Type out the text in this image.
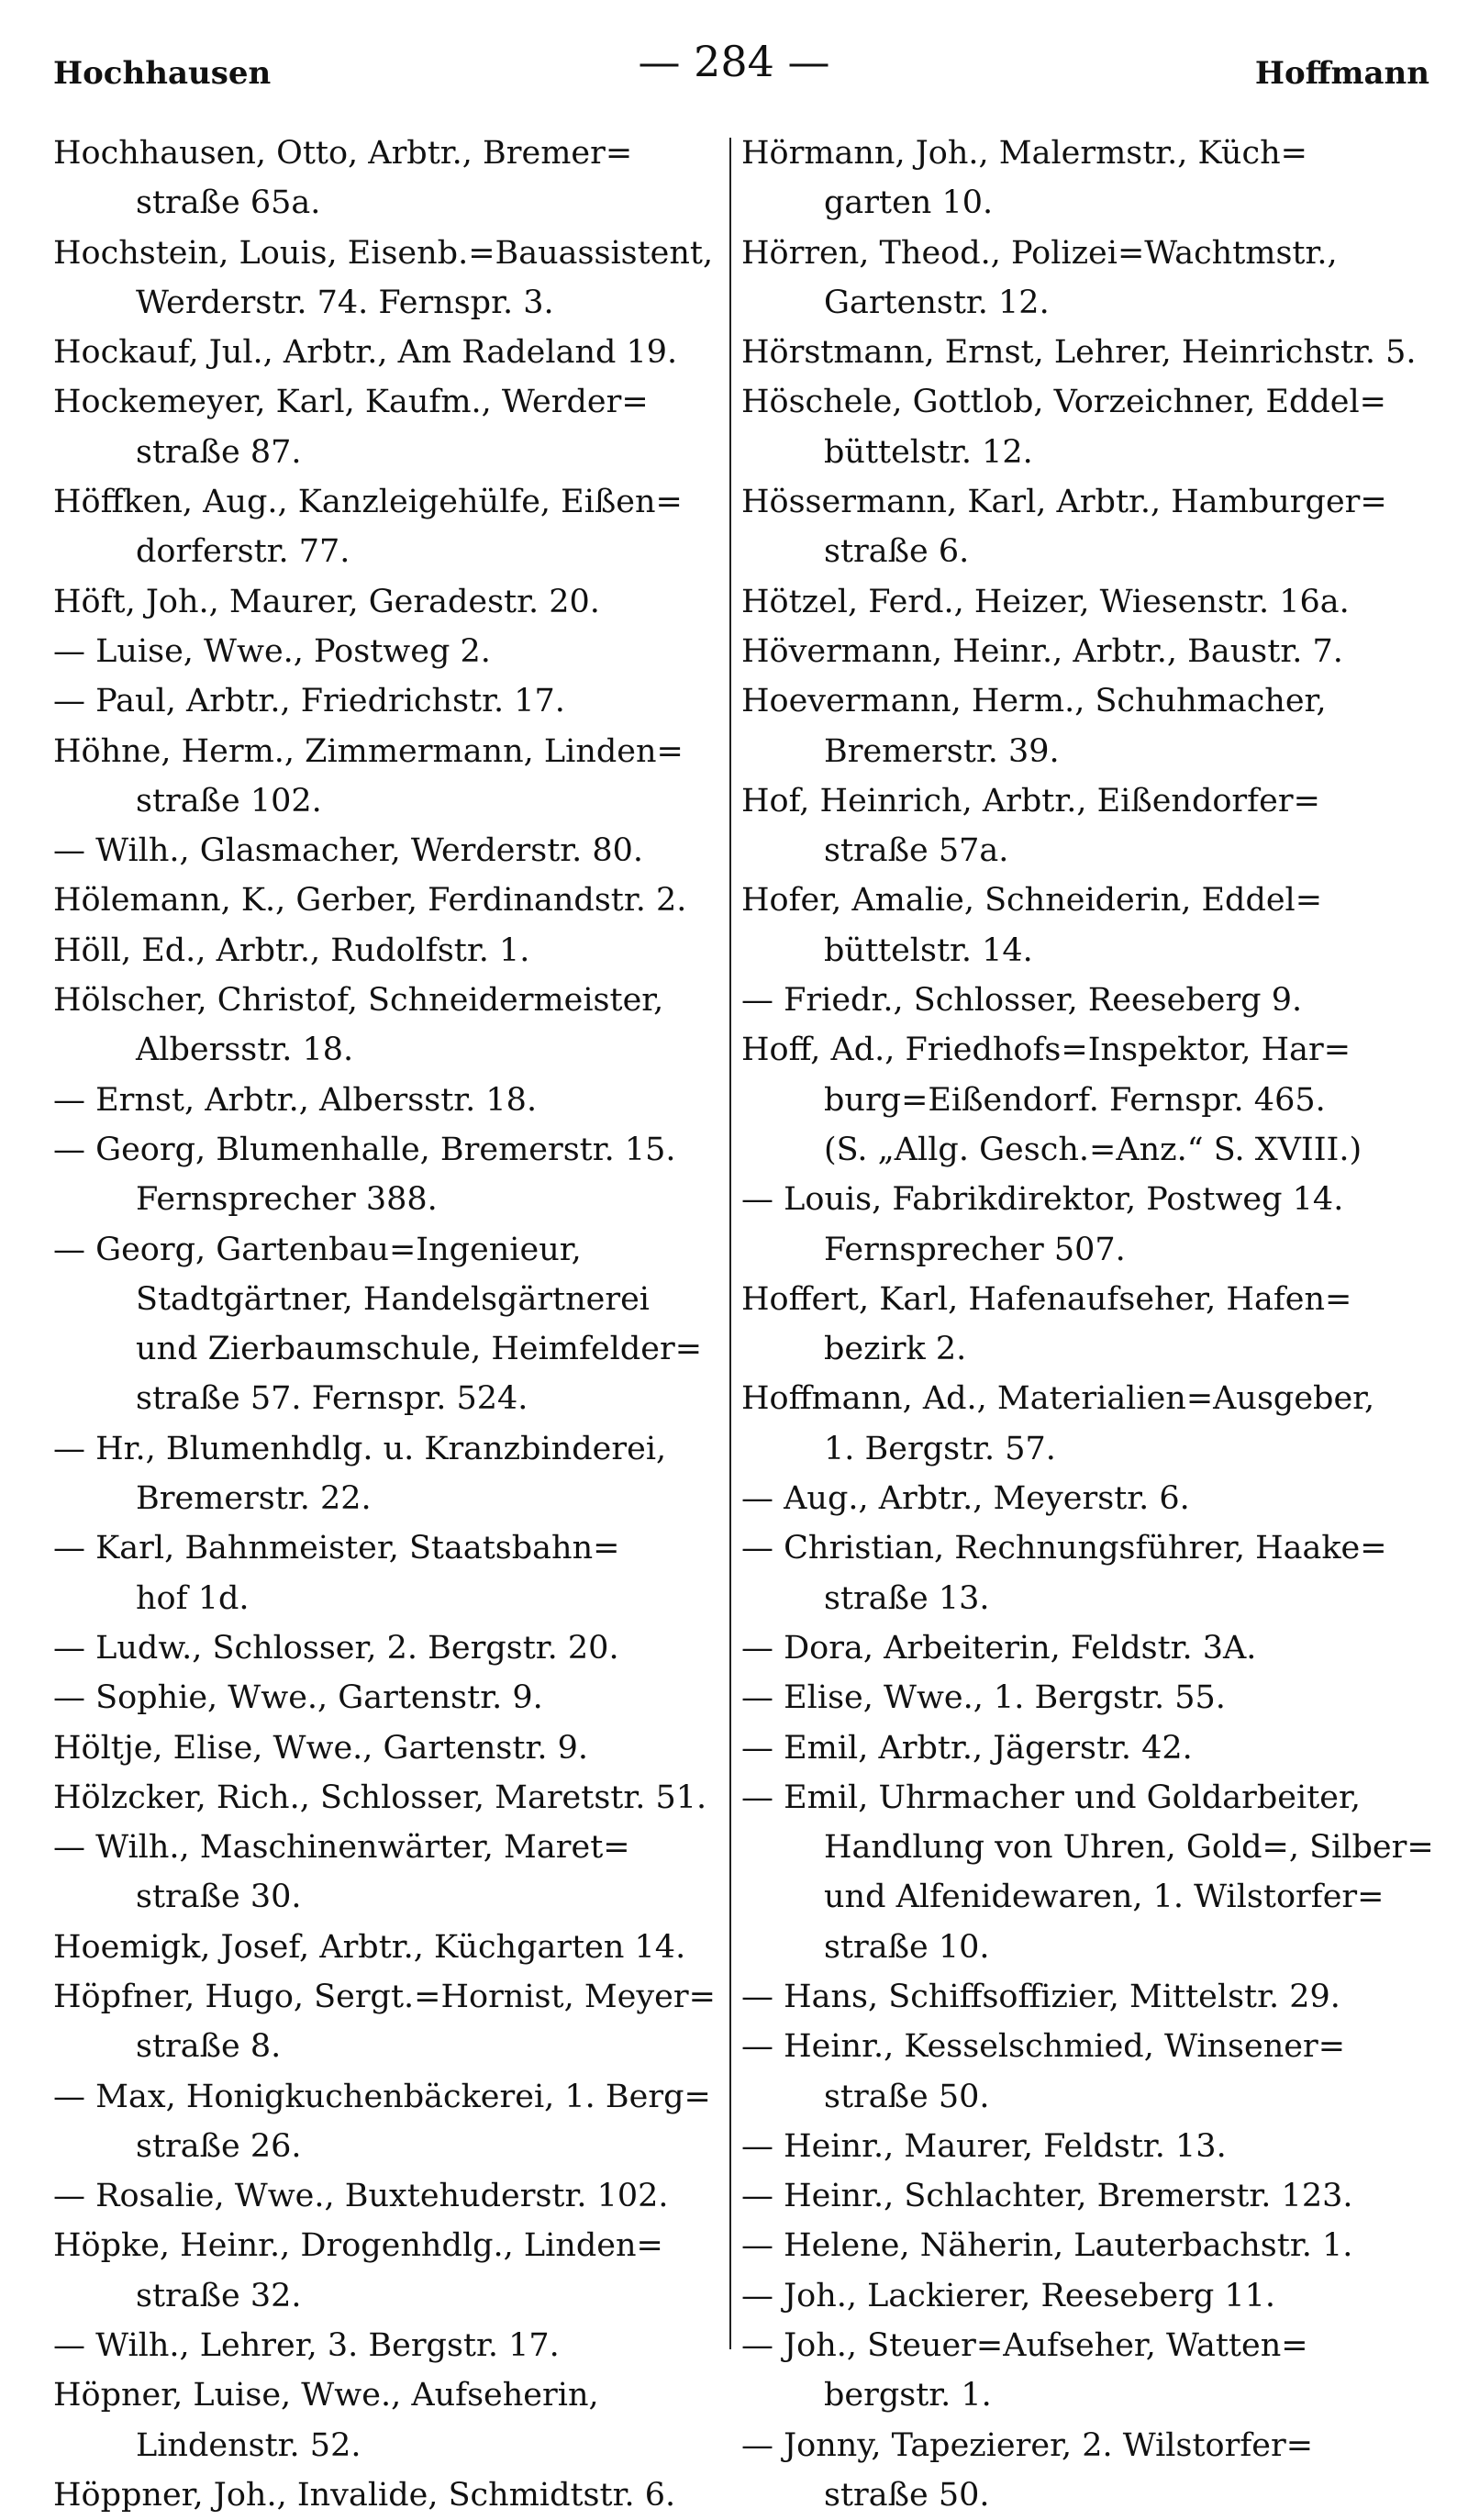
Hochhausen	— 284 —	Hoffmann
Hochhausen, Otto, Arbtr., Bremer=
straße 65a.
Hochstein, Louis, Eisenb.=Bauassistent,
Werderstr. 74. Fernspr. 3.
Hockauf, Jul., Arbtr., Am Radeland 19.
Hockemeyer, Karl, Kaufm., Werder=
straße 87.
Höffken, Aug., Kanzleigehülfe, Eißen=
dorferstr. 77.
Höft, Joh., Maurer, Geradestr. 20.
— Luise, Wwe., Postweg 2.
— Paul, Arbtr., Friedrichstr. 17.
Höhne, Herm., Zimmermann, Linden=
straße 102.
— Wilh., Glasmacher, Werderstr. 80.
Hölemann, K., Gerber, Ferdinandstr. 2.
Höll, Ed., Arbtr., Rudolfstr. 1.
Hölscher, Christof, Schneidermeister,
Albersstr. 18.
— Ernst, Arbtr., Albersstr. 18.
— Georg, Blumenhalle, Bremerstr. 15.
Fernsprecher 388.
— Georg, Gartenbau=Ingenieur,
Stadtgärtner, Handelsgärtnerei
und Zierbaumschule, Heimfelder=
straße 57. Fernspr. 524.
— Hr., Blumenhdlg. u. Kranzbinderei,
Bremerstr. 22.
— Karl, Bahnmeister, Staatsbahn=
hof 1d.
— Ludw., Schlosser, 2. Bergstr. 20.
— Sophie, Wwe., Gartenstr. 9.
Höltje, Elise, Wwe., Gartenstr. 9.
Hölzcker, Rich., Schlosser, Maretstr. 51.
— Wilh., Maschinenwärter, Maret=
straße 30.
Hoemigk, Josef, Arbtr., Küchgarten 14.
Höpfner, Hugo, Sergt.=Hornist, Meyer=
straße 8.
— Max, Honigkuchenbäckerei, 1. Berg=
straße 26.
— Rosalie, Wwe., Buxtehuderstr. 102.
Höpke, Heinr., Drogenhdlg., Linden=
straße 32.
— Wilh., Lehrer, 3. Bergstr. 17.
Höpner, Luise, Wwe., Aufseherin,
Lindenstr. 52.
Höppner, Joh., Invalide, Schmidtstr. 6.
Hörmann, Joh., Malermstr., Küch=
garten 10.
Hörren, Theod., Polizei=Wachtmstr.,
Gartenstr. 12.
Hörstmann, Ernst, Lehrer, Heinrichstr. 5.
Höschele, Gottlob, Vorzeichner, Eddel=
büttelstr. 12.
Hössermann, Karl, Arbtr., Hamburger=
straße 6.
Hötzel, Ferd., Heizer, Wiesenstr. 16a.
Hövermann, Heinr., Arbtr., Baustr. 7.
Hoevermann, Herm., Schuhmacher,
Bremerstr. 39.
Hof, Heinrich, Arbtr., Eißendorfer=
straße 57a.
Hofer, Amalie, Schneiderin, Eddel=
büttelstr. 14.
— Friedr., Schlosser, Reeseberg 9.
Hoff, Ad., Friedhofs=Inspektor, Har=
burg=Eißendorf. Fernspr. 465.
(S. „Allg. Gesch.=Anz.“ S. XVIII.)
— Louis, Fabrikdirektor, Postweg 14.
Fernsprecher 507.
Hoffert, Karl, Hafenaufseher, Hafen=
bezirk 2.
Hoffmann, Ad., Materialien=Ausgeber,
1. Bergstr. 57.
— Aug., Arbtr., Meyerstr. 6.
— Christian, Rechnungsführer, Haake=
straße 13.
— Dora, Arbeiterin, Feldstr. 3A.
— Elise, Wwe., 1. Bergstr. 55.
— Emil, Arbtr., Jägerstr. 42.
— Emil, Uhrmacher und Goldarbeiter,
Handlung von Uhren, Gold=, Silber=
und Alfenidewaren, 1. Wilstorfer=
straße 10.
— Hans, Schiffsoffizier, Mittelstr. 29.
— Heinr., Kesselschmied, Winsener=
straße 50.
— Heinr., Maurer, Feldstr. 13.
— Heinr., Schlachter, Bremerstr. 123.
— Helene, Näherin, Lauterbachstr. 1.
— Joh., Lackierer, Reeseberg 11.
— Joh., Steuer=Aufseher, Watten=
bergstr. 1.
— Jonny, Tapezierer, 2. Wilstorfer=
straße 50.
